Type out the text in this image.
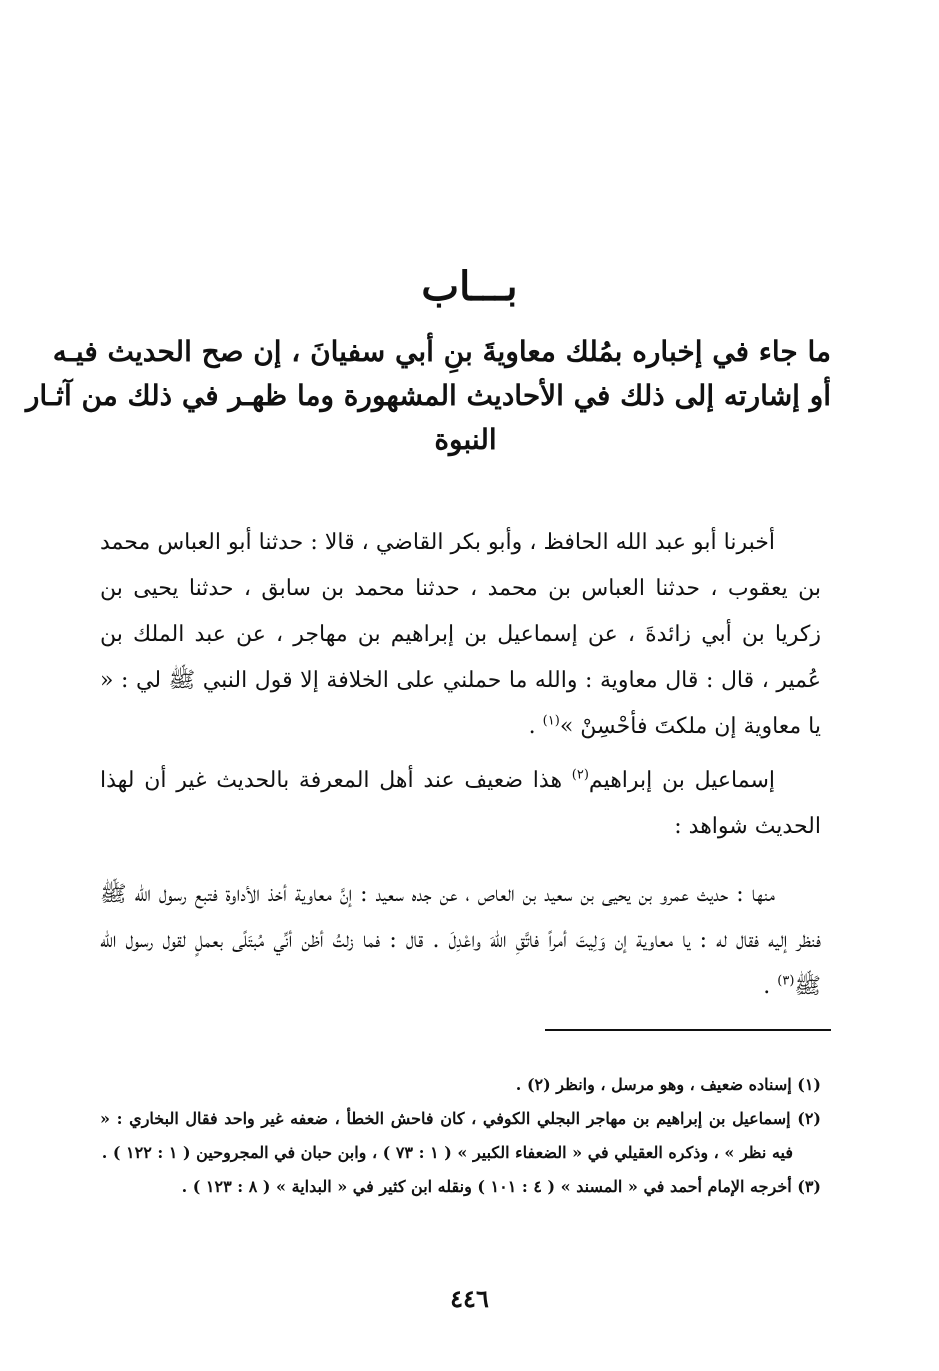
بـــاب
ما جاء في إخباره بمُلك معاويةَ بنِ أبي سفيانَ ، إن صح الحديث فيـه
أو إشارته إلى ذلك في الأحاديث المشهورة وما ظهـر في ذلك من آثـار
النبوة

أخبرنا أبو عبد الله الحافظ ، وأبو بكر القاضي ، قالا : حدثنا أبو العباس محمد بن يعقوب ، حدثنا العباس بن محمد ، حدثنا محمد بن سابق ، حدثنا يحيى بن زكريا بن أبي زائدةَ ، عن إسماعيل بن إبراهيم بن مهاجر ، عن عبد الملك بن عُمير ، قال : قال معاوية : والله ما حملني على الخلافة إلا قول النبي ﷺ لي : « يا معاوية إن ملكتَ فأحْسِنْ »$^{(١)}$ .

إسماعيل بن إبراهيم$^{(٢)}$ هذا ضعيف عند أهل المعرفة بالحديث غير أن لهذا الحديث شواهد :

منها : حديث عمرو بن يحيى بن سعيد بن العاص ، عن جده سعيد : إنَّ معاوية أخذ الأداوة فتبع رسول الله ﷺ فنظر إليه فقال له : يا معاوية إن وَلِيتَ أمراً فاتَّقِ اللهَ واعْدِلَ . قال : فما زلتُ أظن أنِّي مُبتَلًى بعملٍ لقول رسول الله ﷺ$^{(٣)}$ .

(١) إسناده ضعيف ، وهو مرسل ، وانظر (٢) .
(٢) إسماعيل بن إبراهيم بن مهاجر البجلي الكوفي ، كان فاحش الخطأ ، ضعفه غير واحد فقال البخاري : « فيه نظر » ، وذكره العقيلي في « الضعفاء الكبير » ( ١ : ٧٣ ) ، وابن حبان في المجروحين ( ١ : ١٢٢ ) .
(٣) أخرجه الإمام أحمد في « المسند » ( ٤ : ١٠١ ) ونقله ابن كثير في « البداية » ( ٨ : ١٢٣ ) .
٤٤٦
